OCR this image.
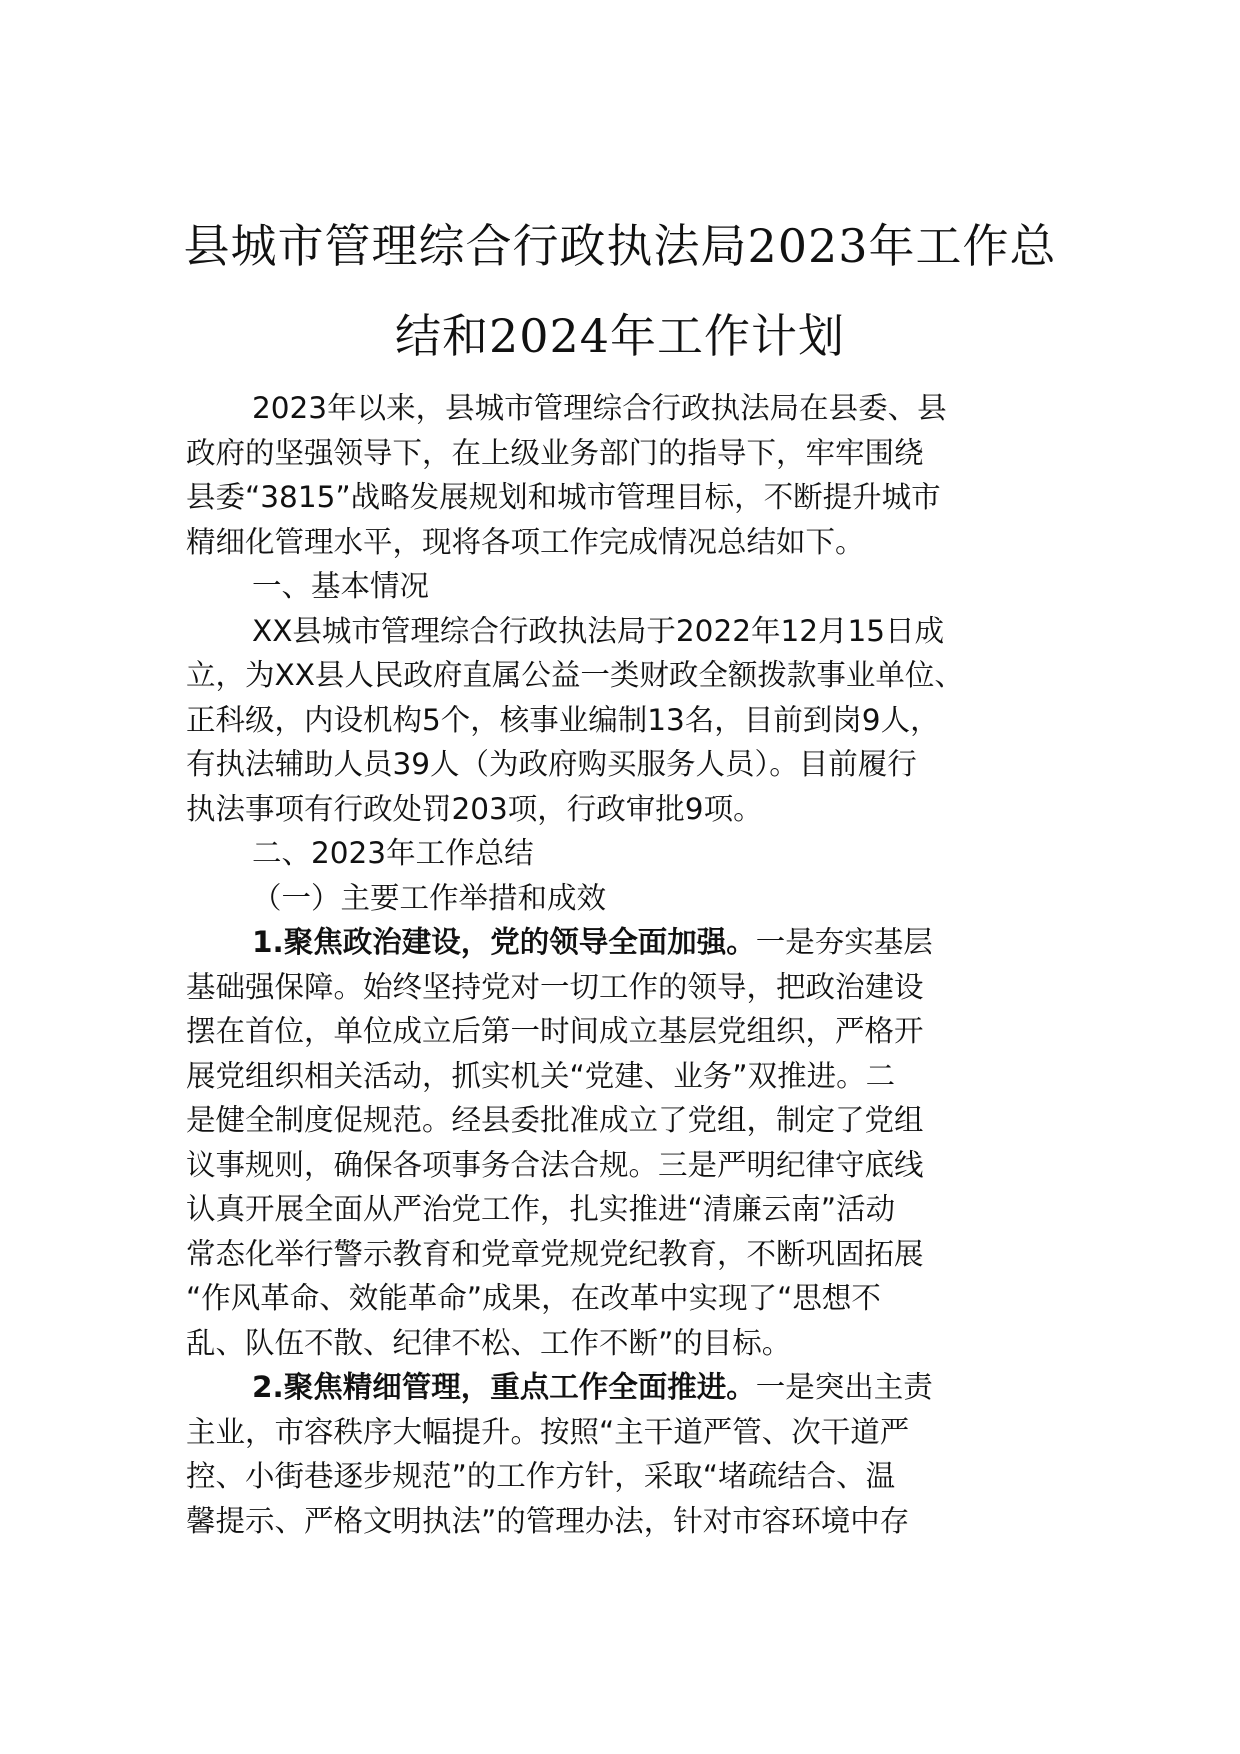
县城市管理综合行政执法局2023年工作总
结和2024年工作计划
2023年以来，县城市管理综合行政执法局在县委、县
政府的坚强领导下，在上级业务部门的指导下，牢牢围绕
县委“3815”战略发展规划和城市管理目标，不断提升城市
精细化管理水平，现将各项工作完成情况总结如下。
一、基本情况
XX县城市管理综合行政执法局于2022年12月15日成
立，为XX县人民政府直属公益一类财政全额拨款事业单位、
正科级，内设机构5个，核事业编制13名，目前到岗9人，
有执法辅助人员39人（为政府购买服务人员）。目前履行
执法事项有行政处罚203项，行政审批9项。
二、2023年工作总结
（一）主要工作举措和成效
1.聚焦政治建设，党的领导全面加强。一是夯实基层
基础强保障。始终坚持党对一切工作的领导，把政治建设
摆在首位，单位成立后第一时间成立基层党组织，严格开
展党组织相关活动，抓实机关“党建、业务”双推进。二
是健全制度促规范。经县委批准成立了党组，制定了党组
议事规则，确保各项事务合法合规。三是严明纪律守底线
认真开展全面从严治党工作，扎实推进“清廉云南”活动
常态化举行警示教育和党章党规党纪教育，不断巩固拓展
“作风革命、效能革命”成果，在改革中实现了“思想不
乱、队伍不散、纪律不松、工作不断”的目标。
2.聚焦精细管理，重点工作全面推进。一是突出主责
主业，市容秩序大幅提升。按照“主干道严管、次干道严
控、小街巷逐步规范”的工作方针，采取“堵疏结合、温
馨提示、严格文明执法”的管理办法，针对市容环境中存
